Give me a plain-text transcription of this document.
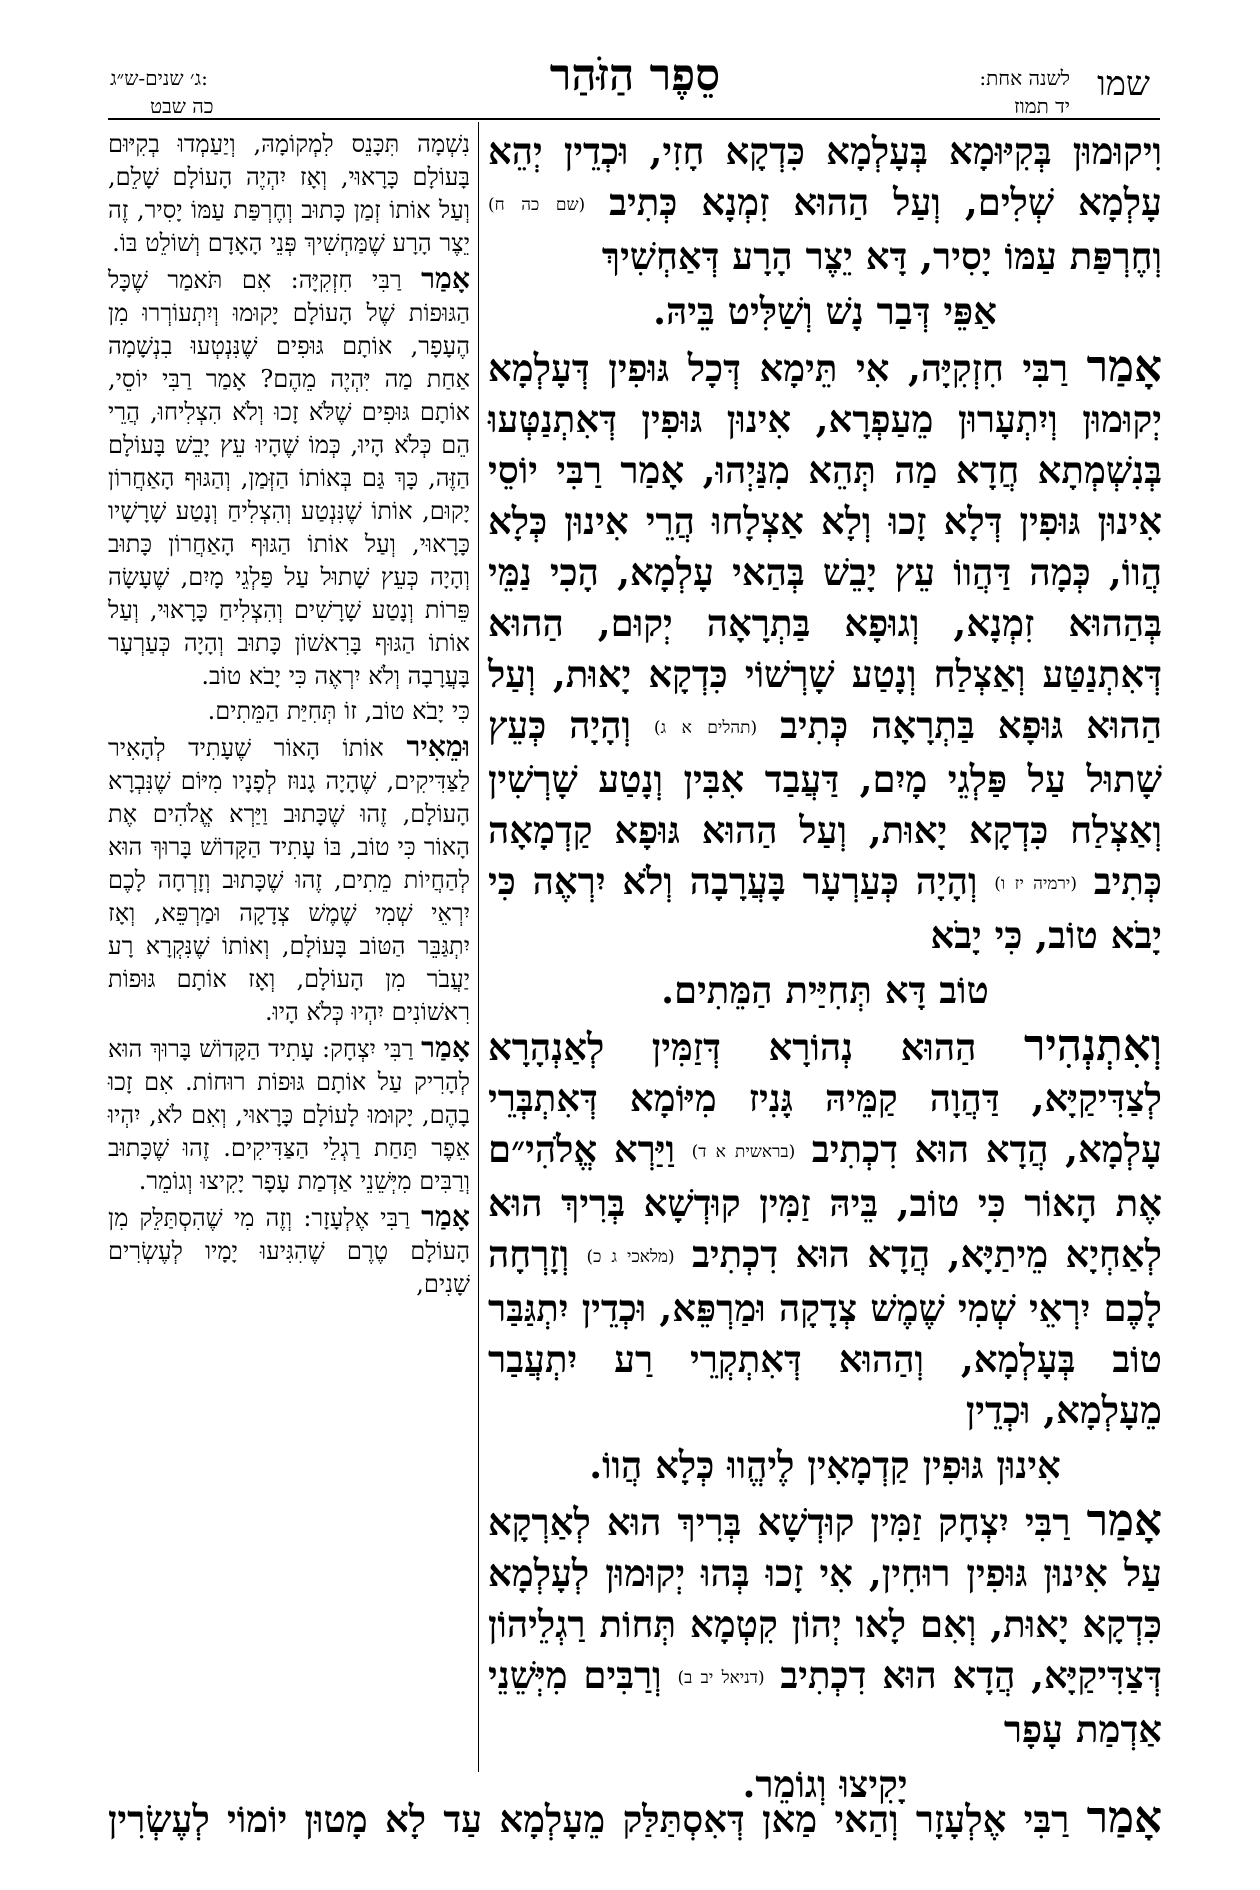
ג׳ שנים-ש״ג:
כה שבט
סֵפֶר הַזֹּהַר	לשנה אחת:
יד תמוז
שמו

וִיקוּמוּן בְּקִיּוּמָא בְּעָלְמָא כִּדְקָא חָזִי, וּכְדֵין יְהֵא עָלְמָא שְׁלִים, וְעַל הַהוּא זִמְנָא כְּתִיב (שם כה ח) וְחֶרְפַּת עַמּוֹ יָסִיר, דָּא יֵצֶר הָרָע דְּאַחְשִׁיךְ

אַפֵּי דְּבַר נָשׁ וְשַׁלִּיט בֵּיהּ.

אָמַר רַבִּי חִזְקִיָּה, אִי תֵּימָא דְּכָל גּוּפִין דְּעָלְמָא יְקוּמוּן וְיִתְעָרוּן מֵעַפְרָא, אִינוּן גּוּפִין דְּאִתְנַטְּעוּ בְּנִשְׁמְתָא חֲדָא מַה תְּהֵא מִנַּיְהוּ, אָמַר רַבִּי יוֹסֵי אִינוּן גּוּפִין דְּלָא זָכוּ וְלָא אַצְלָחוּ הֲרֵי אִינוּן כְּלָא הֲווֹ, כְּמָה דַּהֲווֹ עֵץ יָבֵשׁ בְּהַאי עָלְמָא, הָכִי נַמֵּי בְּהַהוּא זִמְנָא, וְגוּפָא בַּתְרָאָה יְקוּם, הַהוּא דְּאִתְנַטַּע וְאַצְלַח וְנָטַע שָׁרְשׁוֹי כִּדְקָא יָאוּת, וְעַל הַהוּא גּוּפָא בַּתְרָאָה כְּתִיב (תהלים א ג) וְהָיָה כְּעֵץ שָׁתוּל עַל פַּלְגֵי מָיִם, דַּעֲבַד אִבִּין וְנָטַע שָׁרְשִׁין וְאַצְלַח כִּדְקָא יָאוּת, וְעַל הַהוּא גּוּפָא קַדְמָאָה כְּתִיב (ירמיה יז ו) וְהָיָה כְּעַרְעָר בָּעֲרָבָה וְלֹא יִרְאֶה כִּי יָבֹא טוֹב, כִּי יָבֹא

טוֹב דָּא תְּחִיַּית הַמֵּתִים.

וְאִתְנְהִיר הַהוּא נְהוֹרָא דְּזַמִּין לְאַנְהָרָא לְצַדִּיקַיָּא, דַּהֲוָה קַמֵּיהּ גָּנִיז מִיּוֹמָא דְּאִתְבְּרֵי עָלְמָא, הֲדָא הוּא דִכְתִיב (בראשית א ד) וַיַּרְא אֱלֹהִי״ם אֶת הָאוֹר כִּי טוֹב, בֵּיהּ זַמִּין קוּדְשָׁא בְּרִיךְ הוּא לְאַחְיָא מֵיתַיָּא, הֲדָא הוּא דִכְתִיב (מלאכי ג כ) וְזָרְחָה לָכֶם יִרְאֵי שְׁמִי שֶׁמֶשׁ צְדָקָה וּמַרְפֵּא, וּכְדֵין יִתְגַּבַּר טוֹב בְּעָלְמָא, וְהַהוּא דְּאִתְקְרֵי רַע יִתְעֲבַר מֵעָלְמָא, וּכְדֵין

אִינוּן גּוּפִין קַדְמָאִין לֶיהֱווּ כְּלָא הֲווֹ.

אָמַר רַבִּי יִצְחָק זַמִּין קוּדְשָׁא בְּרִיךְ הוּא לְאַרְקָא עַל אִינוּן גּוּפִין רוּחִין, אִי זָכוּ בְּהוּ יְקוּמוּן לְעָלְמָא כִּדְקָא יָאוּת, וְאִם לָאו יְהוֹן קִטְמָא תְּחוֹת רַגְלֵיהוֹן דְּצַדִּיקַיָּא, הֲדָא הוּא דִכְתִיב (דניאל יב ב) וְרַבִּים מִיְּשֵׁנֵי אַדְמַת עָפָר

יָקִיצוּ וְגוֹמֵר.

נִשְׁמָה תִּכָּנֵס לִמְקוֹמָהּ, וְיַעַמְדוּ בְקִיּוּם בָּעוֹלָם כָּרָאוּי, וְאָז יִהְיֶה הָעוֹלָם שָׁלֵם, וְעַל אוֹתוֹ זְמַן כָּתוּב וְחֶרְפַּת עַמּוֹ יָסִיר, זֶה יֵצֶר הָרָע שֶׁמַּחְשִׁיךְ פְּנֵי הָאָדָם וְשׁוֹלֵט בּוֹ.

אָמַר רַבִּי חִזְקִיָּה: אִם תֹּאמַר שֶׁכָּל הַגּוּפוֹת שֶׁל הָעוֹלָם יָקוּמוּ וְיִתְעוֹרְרוּ מִן הֶעָפָר, אוֹתָם גּוּפִים שֶׁנִּנְטְעוּ בִנְשָׁמָה אַחַת מַה יִּהְיֶה מֵהֶם? אָמַר רַבִּי יוֹסֵי, אוֹתָם גּוּפִים שֶׁלֹּא זָכוּ וְלֹא הִצְלִיחוּ, הֲרֵי הֵם כְּלֹא הָיוּ, כְּמוֹ שֶׁהָיוּ עֵץ יָבֵשׁ בָּעוֹלָם הַזֶּה, כָּךְ גַּם בְּאוֹתוֹ הַזְּמַן, וְהַגּוּף הָאַחֲרוֹן יָקוּם, אוֹתוֹ שֶׁנִּנְטַע וְהִצְלִיחַ וְנָטַע שָׁרָשָׁיו כָּרָאוּי, וְעַל אוֹתוֹ הַגּוּף הָאַחֲרוֹן כָּתוּב וְהָיָה כְּעֵץ שָׁתוּל עַל פַּלְגֵי מָיִם, שֶׁעָשָׂה פֵּרוֹת וְנָטַע שָׁרָשִׁים וְהִצְלִיחַ כָּרָאוּי, וְעַל אוֹתוֹ הַגּוּף בָּרִאשׁוֹן כָּתוּב וְהָיָה כְּעַרְעָר בָּעֲרָבָה וְלֹא יִרְאֶה כִּי יָבֹא טוֹב.

כִּי יָבֹא טוֹב, זוֹ תְּחִיַּת הַמֵּתִים.

וּמֵאִיר אוֹתוֹ הָאוֹר שֶׁעָתִיד לְהָאִיר לַצַּדִּיקִים, שֶׁהָיָה גָנוּז לְפָנָיו מִיּוֹם שֶׁנִּבְרָא הָעוֹלָם, זֶהוּ שֶׁכָּתוּב וַיַּרְא אֱלֹהִים אֶת הָאוֹר כִּי טוֹב, בּוֹ עָתִיד הַקָּדוֹשׁ בָּרוּךְ הוּא לְהַחֲיוֹת מֵתִים, זֶהוּ שֶׁכָּתוּב וְזָרְחָה לָכֶם יִרְאֵי שְׁמִי שֶׁמֶשׁ צְדָקָה וּמַרְפֵּא, וְאָז יִתְגַּבֵּר הַטּוֹב בָּעוֹלָם, וְאוֹתוֹ שֶׁנִּקְרָא רָע יַעֲבֹר מִן הָעוֹלָם, וְאָז אוֹתָם גּוּפוֹת רִאשׁוֹנִים יִהְיוּ כְּלֹא הָיוּ.

אָמַר רַבִּי יִצְחָק: עָתִיד הַקָּדוֹשׁ בָּרוּךְ הוּא לְהָרִיק עַל אוֹתָם גּוּפוֹת רוּחוֹת. אִם זָכוּ בָהֶם, יָקוּמוּ לָעוֹלָם כָּרָאוּי, וְאִם לֹא, יִהְיוּ אֵפֶר תַּחַת רַגְלֵי הַצַּדִּיקִים. זֶהוּ שֶׁכָּתוּב וְרַבִּים מִיְּשֵׁנֵי אַדְמַת עָפָר יָקִיצוּ וְגוֹמֵר.

אָמַר רַבִּי אֶלְעָזָר: וְזֶה מִי שֶׁהִסְתַּלֵּק מִן הָעוֹלָם טֶרֶם שֶׁהִגִּיעוּ יָמָיו לְעֶשְׂרִים שָׁנִים,

אָמַר רַבִּי אֶלְעָזָר וְהַאי מַאן דְּאִסְתַּלַּק מֵעָלְמָא עַד לָא מָטוּן יוֹמוֹי לְעֶשְׂרִין
